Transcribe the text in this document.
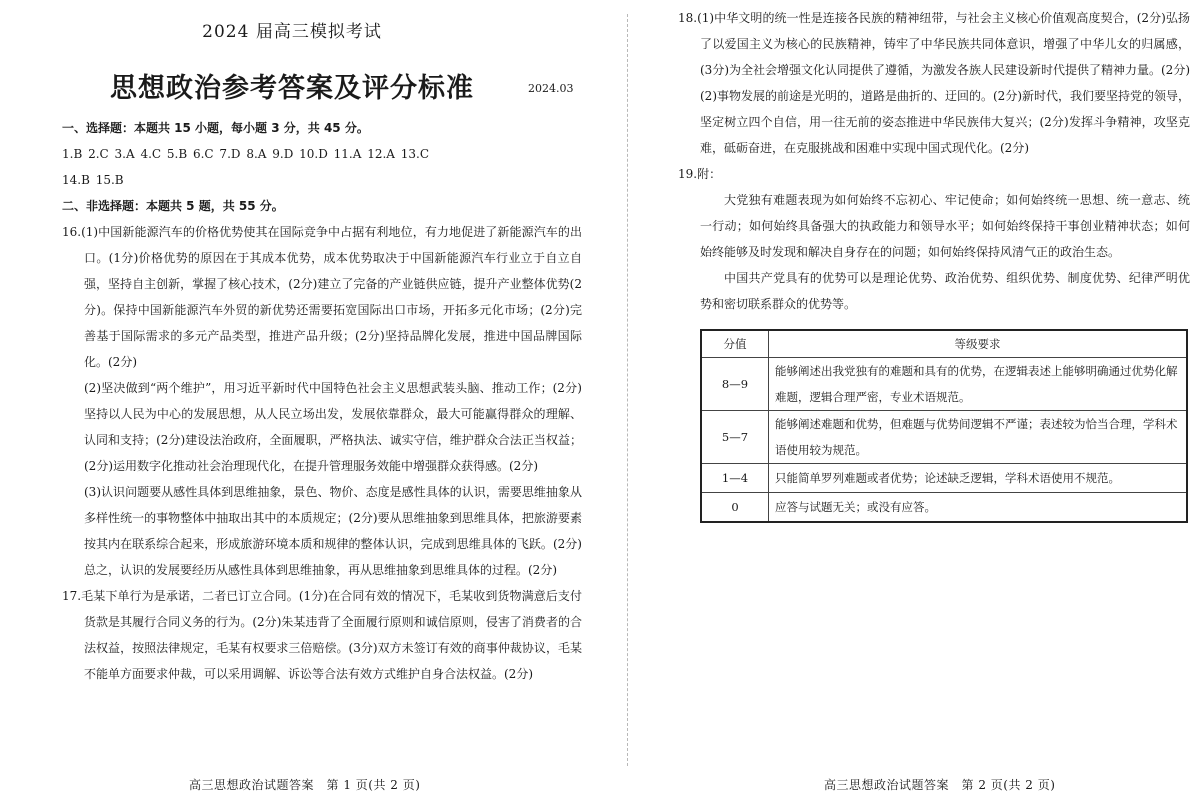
2024 届高三模拟考试
思想政治参考答案及评分标准	2024.03

一、选择题：本题共 15 小题，每小题 3 分，共 45 分。

1.B 2.C 3.A 4.C 5.B 6.C 7.D 8.A 9.D 10.D 11.A 12.A 13.C

14.B 15.B

二、非选择题：本题共 5 题，共 55 分。

16.(1)中国新能源汽车的价格优势使其在国际竞争中占据有利地位，有力地促进了新能源汽车的出口。(1分)价格优势的原因在于其成本优势，成本优势取决于中国新能源汽车行业立于自立自强，坚持自主创新，掌握了核心技术，(2分)建立了完备的产业链供应链，提升产业整体优势(2分)。保持中国新能源汽车外贸的新优势还需要拓宽国际出口市场，开拓多元化市场；(2分)完善基于国际需求的多元产品类型，推进产品升级；(2分)坚持品牌化发展，推进中国品牌国际化。(2分)

(2)坚决做到“两个维护”，用习近平新时代中国特色社会主义思想武装头脑、推动工作；(2分)坚持以人民为中心的发展思想，从人民立场出发，发展依靠群众，最大可能赢得群众的理解、认同和支持；(2分)建设法治政府，全面履职，严格执法、诚实守信，维护群众合法正当权益；(2分)运用数字化推动社会治理现代化，在提升管理服务效能中增强群众获得感。(2分)

(3)认识问题要从感性具体到思维抽象，景色、物价、态度是感性具体的认识，需要思维抽象从多样性统一的事物整体中抽取出其中的本质规定；(2分)要从思维抽象到思维具体，把旅游要素按其内在联系综合起来，形成旅游环境本质和规律的整体认识，完成到思维具体的飞跃。(2分)总之，认识的发展要经历从感性具体到思维抽象，再从思维抽象到思维具体的过程。(2分)

17.毛某下单行为是承诺，二者已订立合同。(1分)在合同有效的情况下，毛某收到货物满意后支付货款是其履行合同义务的行为。(2分)朱某违背了全面履行原则和诚信原则，侵害了消费者的合法权益，按照法律规定，毛某有权要求三倍赔偿。(3分)双方未签订有效的商事仲裁协议，毛某不能单方面要求仲裁，可以采用调解、诉讼等合法有效方式维护自身合法权益。(2分)

高三思想政治试题答案　第 1 页(共 2 页)

18.(1)中华文明的统一性是连接各民族的精神纽带，与社会主义核心价值观高度契合，(2分)弘扬了以爱国主义为核心的民族精神，铸牢了中华民族共同体意识，增强了中华儿女的归属感，(3分)为全社会增强文化认同提供了遵循，为激发各族人民建设新时代提供了精神力量。(2分)

(2)事物发展的前途是光明的，道路是曲折的、迂回的。(2分)新时代，我们要坚持党的领导，坚定树立四个自信，用一往无前的姿态推进中华民族伟大复兴；(2分)发挥斗争精神，攻坚克难，砥砺奋进，在克服挑战和困难中实现中国式现代化。(2分)

19.附：

大党独有难题表现为如何始终不忘初心、牢记使命；如何始终统一思想、统一意志、统一行动；如何始终具备强大的执政能力和领导水平；如何始终保持干事创业精神状态；如何始终能够及时发现和解决自身存在的问题；如何始终保持风清气正的政治生态。

中国共产党具有的优势可以是理论优势、政治优势、组织优势、制度优势、纪律严明优势和密切联系群众的优势等。

分值	等级要求
8—9	能够阐述出我党独有的难题和具有的优势，在逻辑表述上能够明确通过优势化解难题，逻辑合理严密，专业术语规范。
5—7	能够阐述难题和优势，但难题与优势间逻辑不严谨；表述较为恰当合理，学科术语使用较为规范。
1—4	只能简单罗列难题或者优势；论述缺乏逻辑，学科术语使用不规范。
0	应答与试题无关；或没有应答。
高三思想政治试题答案　第 2 页(共 2 页)
